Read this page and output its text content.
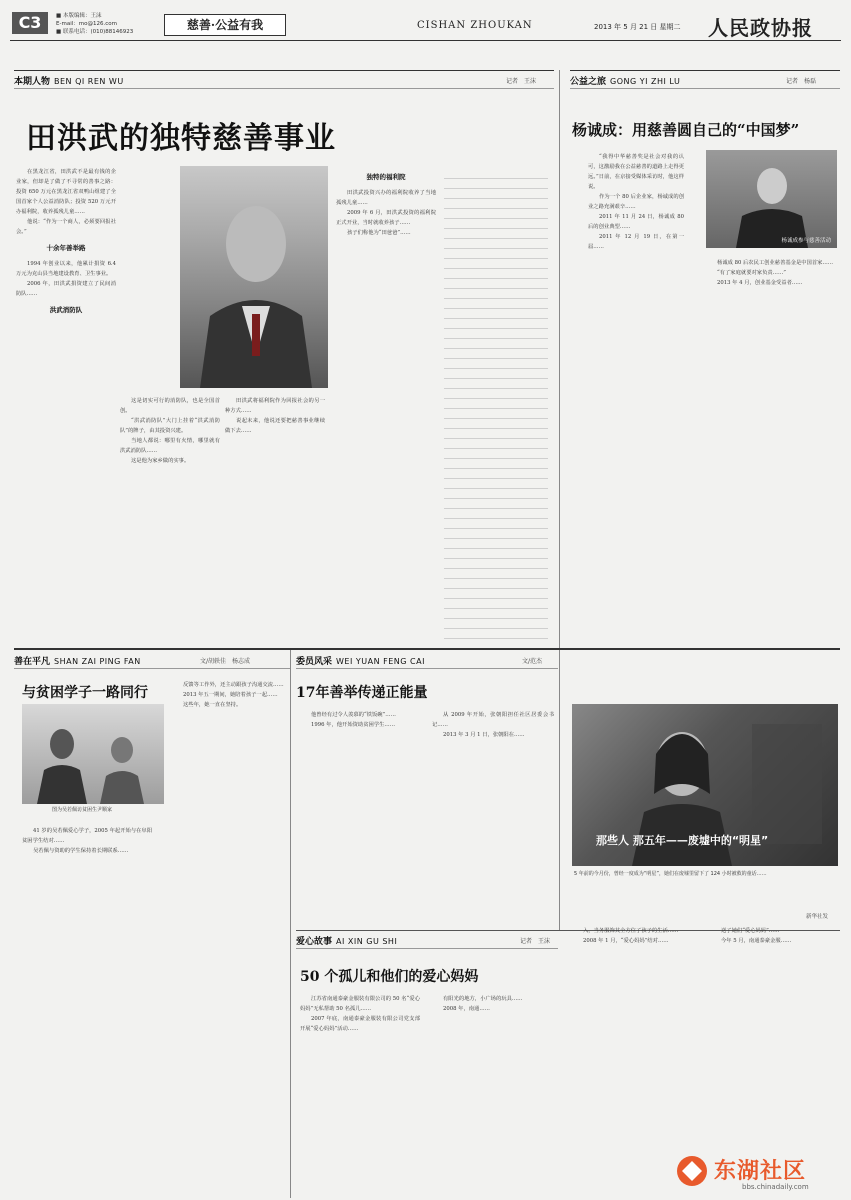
C3	■ 本版编辑：王沫
E-mail：mo@126.com
■ 联系电话：(010)88146923	慈善·公益有我	CISHAN ZHOUKAN	2013 年 5 月 21 日 星期二 人民政协报
本期人物 BEN QI REN WU	记者　王沫
田洪武的独特慈善事业

在黑龙江省，田洪武不是最有钱的企业家，但却是了做了不寻常的善事之路：投资 650 万元在黑龙江省双鸭山组建了全国首家个人公益消防队；投资 520 万元开办福利院，收养孤残儿童……

他说：“作为一个商人，必须要回报社会。”

十余年善举路

1994 年创业以来，他累计捐资 6.4 万元为克山县当地建设教育、卫生事业。

2006 年，田洪武捐资建立了民间消防队……

洪武消防队

这是切实可行的消防队，也是全国首创。

“洪武消防队”大门上挂着“洪武消防队”的牌子，由其投资兴建。

当地人都说：哪里有火情，哪里就有洪武消防队……

这是他为家乡做的实事。

田洪武将福利院作为回报社会的另一种方式……

说起未来，他说还要把慈善事业继续做下去……

独特的福利院

田洪武投资兴办的福利院收养了当地孤残儿童……

2009 年 6 月，田洪武投资的福利院正式开业，当时就收养孩子……

孩子们称他为“田爸爸”……

公益之旅 GONG YI ZHI LU	记者　杨磊
杨诚成：用慈善圆自己的“中国梦”

“我得中华慈善奖是社会对我的认可，这激励我在公益慈善的道路上走得更远。”日前，在京接受媒体采访时，他这样说。

作为一个 80 后企业家，杨诚成的创业之路充满艰辛……

2011 年 11 月 24 日，杨诚成 80 后的创业典型……

2011 年 12 月 19 日，在第一届……

杨诚成参与慈善活动

杨诚成 80 后农民工创业慈善基金是中国首家……

“有了家庭就要对家负责……”

2013 年 4 月，创业基金受益者……

善在平凡 SHAN ZAI PING FAN	文/胡轶佳　杨志成
与贫困学子一路同行
图为吴若佩访贫困生尹顺家

41 岁的吴若佩爱心学子，2005 年起开始与在阜阳贫困学生结对……

吴若佩与资助的学生保持着长期联系……

反馈等工作外，还主动跟孩子沟通交流……

2013 年五一期间，她陪着孩子一起……

这些年，她一直在坚持。

委员风采 WEI YUAN FENG CAI	文/范杰
17年善举传递正能量

他曾经有过令人羡慕的“铁饭碗”……

1996 年，他开始资助贫困学生……

从 2009 年开始，张朝阳担任社区居委会书记……

2013 年 3 月 1 日，张朝阳在……

那些人 那五年——废墟中的“明星”
5 年前的今月份，曾经一度成为“明星”，她们在废墟里留下了 124 小时被救的童话……
新华社发
爱心故事 AI XIN GU SHI	记者　王沫
50 个孤儿和他们的爱心妈妈

江苏省南通泰豪金服装有限公司的 50 名“爱心妈妈”无私帮助 50 名孤儿……

2007 年底，南通泰豪金服装有限公司党支部开展“爱心妈妈”活动……

有阳光的地方，小广场的玩具……

2008 年，南通……

入，当务服饰其全方位了孩子的生活……

2008 年 1 月，“爱心妈妈”结对……

送了她们“爱心妈妈”……

今年 5 月，南通泰豪金服……

东湖社区
bbs.chinadaily.com
